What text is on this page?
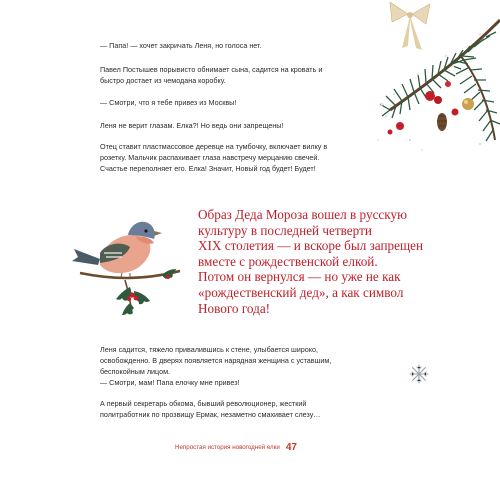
— Папа! — хочет закричать Леня, но голоса нет.

Павел Постышев порывисто обнимает сына, садится на кровать и быстро достает из чемодана коробку.

— Смотри, что я тебе привез из Москвы!

Леня не верит глазам. Елка?! Но ведь они запрещены!

Отец ставит пластмассовое деревце на тумбочку, включает вилку в розетку. Мальчик распахивает глаза навстречу мерцанию свечей. Счастье переполняет его. Елка! Значит, Новый год будет! Будет!

Образ Деда Мороза вошел в русскую
культуру в последней четверти
XIX столетия — и вскоре был запрещен
вместе с рождественской елкой.
Потом он вернулся — но уже не как
«рождественский дед», а как символ
Нового года!

Леня садится, тяжело привалившись к стене, улыбается широко, освобожденно. В дверях появляется нарядная женщина с уставшим, беспокойным лицом.

— Смотри, мам! Папа елочку мне привез!

А первый секретарь обкома, бывший революционер, жесткий политработник по прозвищу Ермак, незаметно смахивает слезу…

Непростая история новогодней елки 47
